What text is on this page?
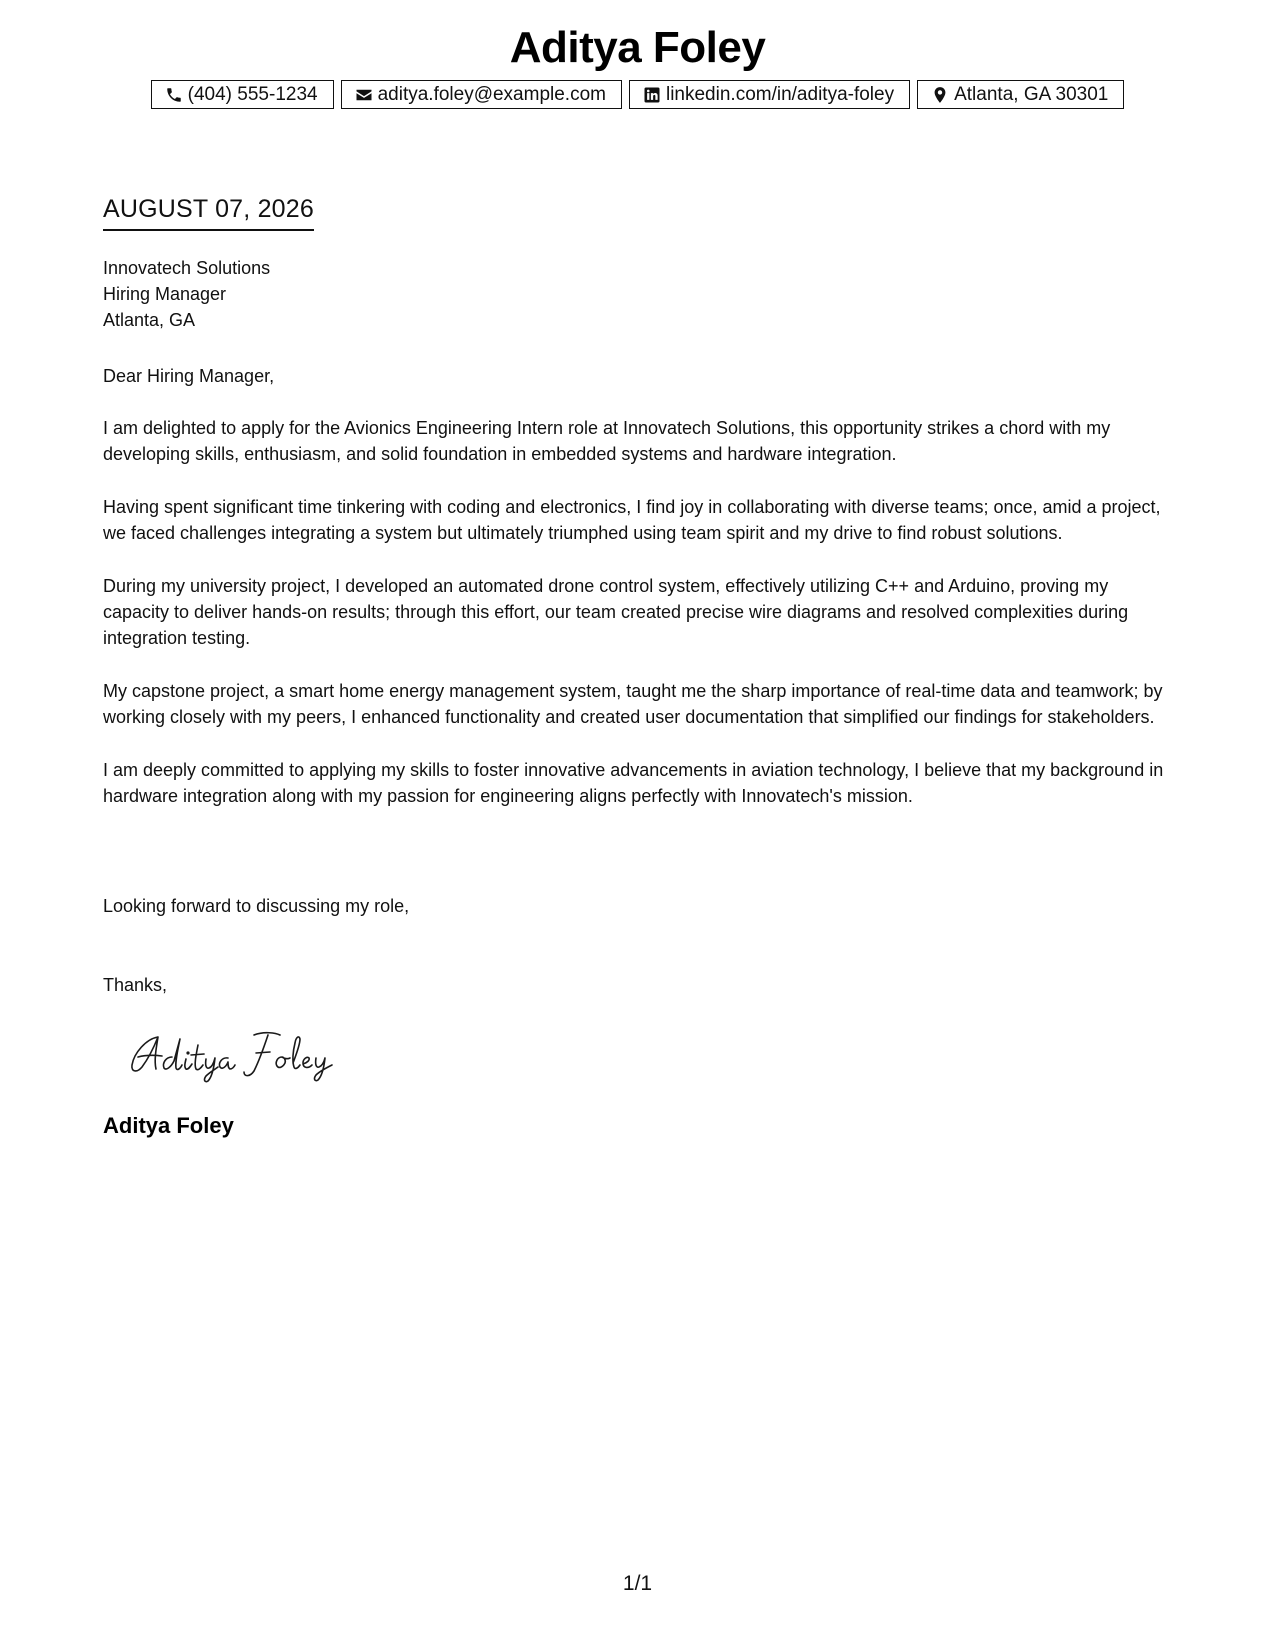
Aditya Foley
(404) 555-1234	aditya.foley@example.com	linkedin.com/in/aditya-foley	Atlanta, GA 30301
AUGUST 07, 2026
Innovatech Solutions
Hiring Manager
Atlanta, GA
Dear Hiring Manager,

I am delighted to apply for the Avionics Engineering Intern role at Innovatech Solutions, this opportunity strikes a chord with my developing skills, enthusiasm, and solid foundation in embedded systems and hardware integration.

Having spent significant time tinkering with coding and electronics, I find joy in collaborating with diverse teams; once, amid a project, we faced challenges integrating a system but ultimately triumphed using team spirit and my drive to find robust solutions.

During my university project, I developed an automated drone control system, effectively utilizing C++ and Arduino, proving my capacity to deliver hands-on results; through this effort, our team created precise wire diagrams and resolved complexities during integration testing.

My capstone project, a smart home energy management system, taught me the sharp importance of real-time data and teamwork; by working closely with my peers, I enhanced functionality and created user documentation that simplified our findings for stakeholders.

I am deeply committed to applying my skills to foster innovative advancements in aviation technology, I believe that my background in hardware integration along with my passion for engineering aligns perfectly with Innovatech's mission.

Looking forward to discussing my role,
Thanks,
Aditya Foley
1/1
